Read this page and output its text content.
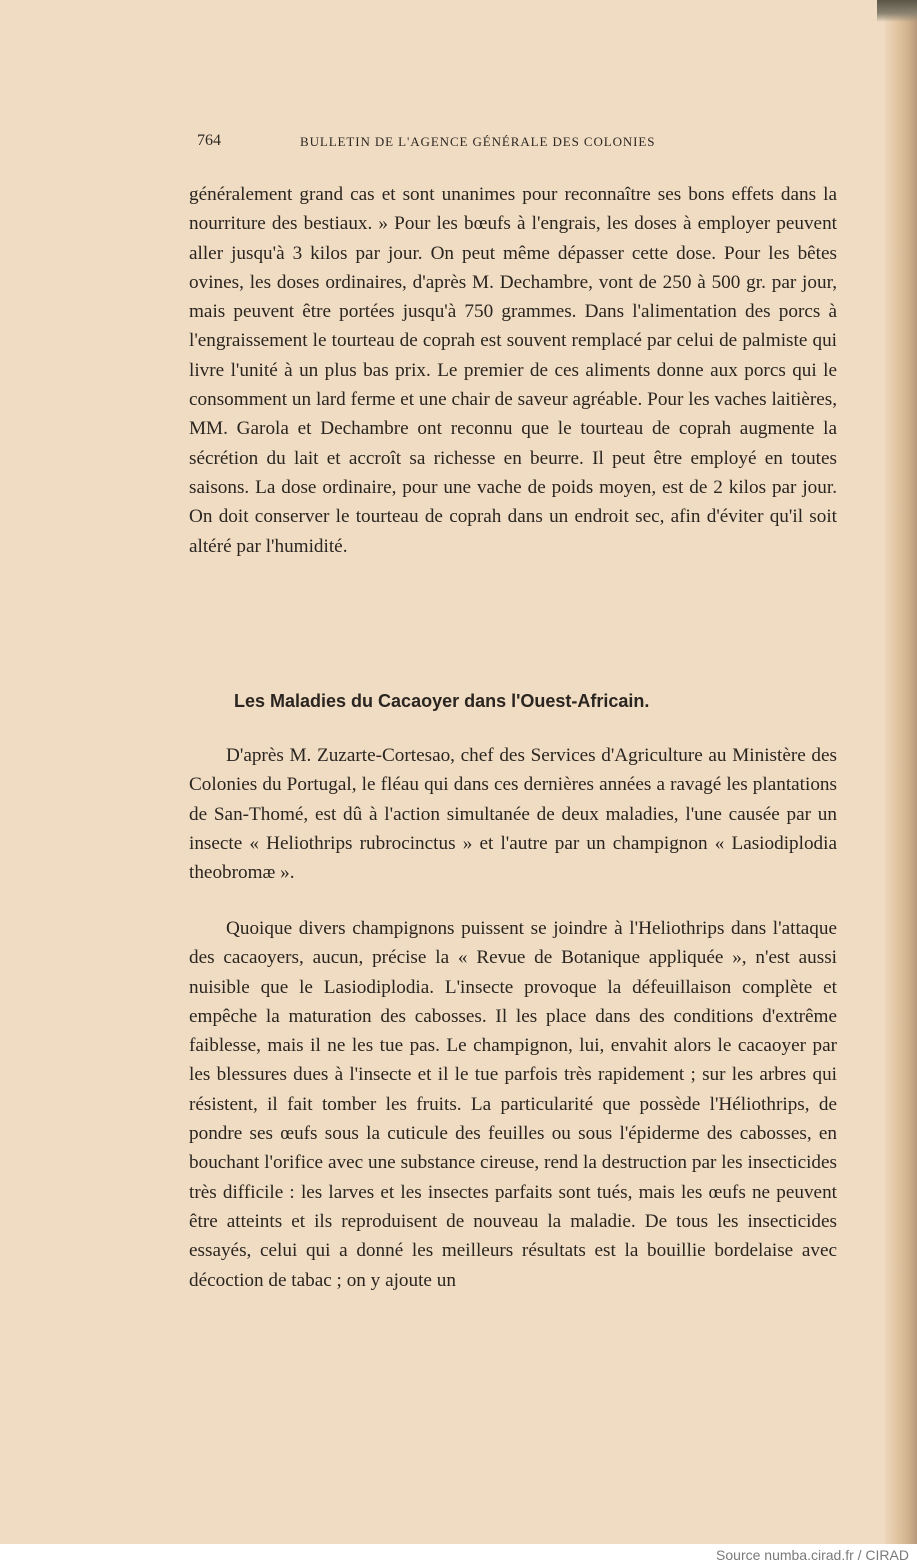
764	BULLETIN DE L'AGENCE GÉNÉRALE DES COLONIES

généralement grand cas et sont unanimes pour reconnaître ses bons effets dans la nourriture des bestiaux. » Pour les bœufs à l'engrais, les doses à employer peuvent aller jusqu'à 3 kilos par jour. On peut même dépasser cette dose. Pour les bêtes ovines, les doses ordinaires, d'après M. Dechambre, vont de 250 à 500 gr. par jour, mais peuvent être portées jusqu'à 750 grammes. Dans l'alimentation des porcs à l'engraissement le tourteau de coprah est souvent remplacé par celui de palmiste qui livre l'unité à un plus bas prix. Le premier de ces aliments donne aux porcs qui le consomment un lard ferme et une chair de saveur agréable. Pour les vaches laitières, MM. Garola et Dechambre ont reconnu que le tourteau de coprah augmente la sécrétion du lait et accroît sa richesse en beurre. Il peut être employé en toutes saisons. La dose ordinaire, pour une vache de poids moyen, est de 2 kilos par jour. On doit conserver le tourteau de coprah dans un endroit sec, afin d'éviter qu'il soit altéré par l'humidité.

Les Maladies du Cacaoyer dans l'Ouest-Africain.

D'après M. Zuzarte-Cortesao, chef des Services d'Agriculture au Ministère des Colonies du Portugal, le fléau qui dans ces dernières années a ravagé les plantations de San-Thomé, est dû à l'action simultanée de deux maladies, l'une causée par un insecte « Heliothrips rubrocinctus » et l'autre par un champignon « Lasiodiplodia theobromæ ».

Quoique divers champignons puissent se joindre à l'Heliothrips dans l'attaque des cacaoyers, aucun, précise la « Revue de Botanique appliquée », n'est aussi nuisible que le Lasiodiplodia. L'insecte provoque la défeuillaison complète et empêche la maturation des cabosses. Il les place dans des conditions d'extrême faiblesse, mais il ne les tue pas. Le champignon, lui, envahit alors le cacaoyer par les blessures dues à l'insecte et il le tue parfois très rapidement ; sur les arbres qui résistent, il fait tomber les fruits. La particularité que possède l'Héliothrips, de pondre ses œufs sous la cuticule des feuilles ou sous l'épiderme des cabosses, en bouchant l'orifice avec une substance cireuse, rend la destruction par les insecticides très difficile : les larves et les insectes parfaits sont tués, mais les œufs ne peuvent être atteints et ils reproduisent de nouveau la maladie. De tous les insecticides essayés, celui qui a donné les meilleurs résultats est la bouillie bordelaise avec décoction de tabac ; on y ajoute un

Source numba.cirad.fr / CIRAD
